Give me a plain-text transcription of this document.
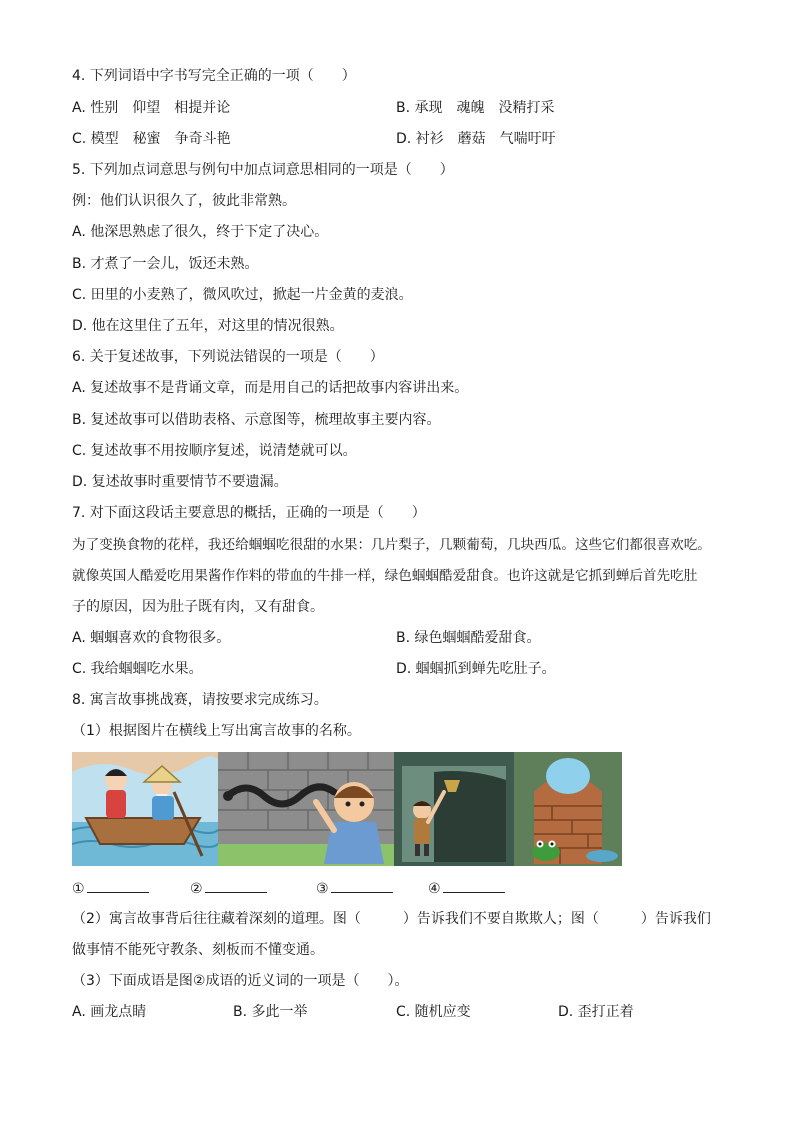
4. 下列词语中字书写完全正确的一项（　　）
A. 性别　仰望　相提并论	B. 承现　魂魄　没精打采
C. 模型　秘蜜　争奇斗艳	D. 衬衫　蘑菇　气喘吁吁
5. 下列加点词意思与例句中加点词意思相同的一项是（　　）
例：他们认识很久了，彼此非常熟。
A. 他深思熟虑了很久，终于下定了决心。
B. 才煮了一会儿，饭还未熟。
C. 田里的小麦熟了，微风吹过，掀起一片金黄的麦浪。
D. 他在这里住了五年，对这里的情况很熟。
6. 关于复述故事，下列说法错误的一项是（　　）
A. 复述故事不是背诵文章，而是用自己的话把故事内容讲出来。
B. 复述故事可以借助表格、示意图等，梳理故事主要内容。
C. 复述故事不用按顺序复述，说清楚就可以。
D. 复述故事时重要情节不要遗漏。
7. 对下面这段话主要意思的概括，正确的一项是（　　）
为了变换食物的花样，我还给蝈蝈吃很甜的水果：几片梨子，几颗葡萄，几块西瓜。这些它们都很喜欢吃。
就像英国人酷爱吃用果酱作作料的带血的牛排一样，绿色蝈蝈酷爱甜食。也许这就是它抓到蝉后首先吃肚
子的原因，因为肚子既有肉，又有甜食。
A. 蝈蝈喜欢的食物很多。	B. 绿色蝈蝈酷爱甜食。
C. 我给蝈蝈吃水果。	D. 蝈蝈抓到蝉先吃肚子。
8. 寓言故事挑战赛，请按要求完成练习。
（1）根据图片在横线上写出寓言故事的名称。
①	②	③	④
（2）寓言故事背后往往藏着深刻的道理。图（　　　）告诉我们不要自欺欺人；图（　　　）告诉我们
做事情不能死守教条、刻板而不懂变通。
（3）下面成语是图②成语的近义词的一项是（　　）。
A. 画龙点睛	B. 多此一举	C. 随机应变	D. 歪打正着
